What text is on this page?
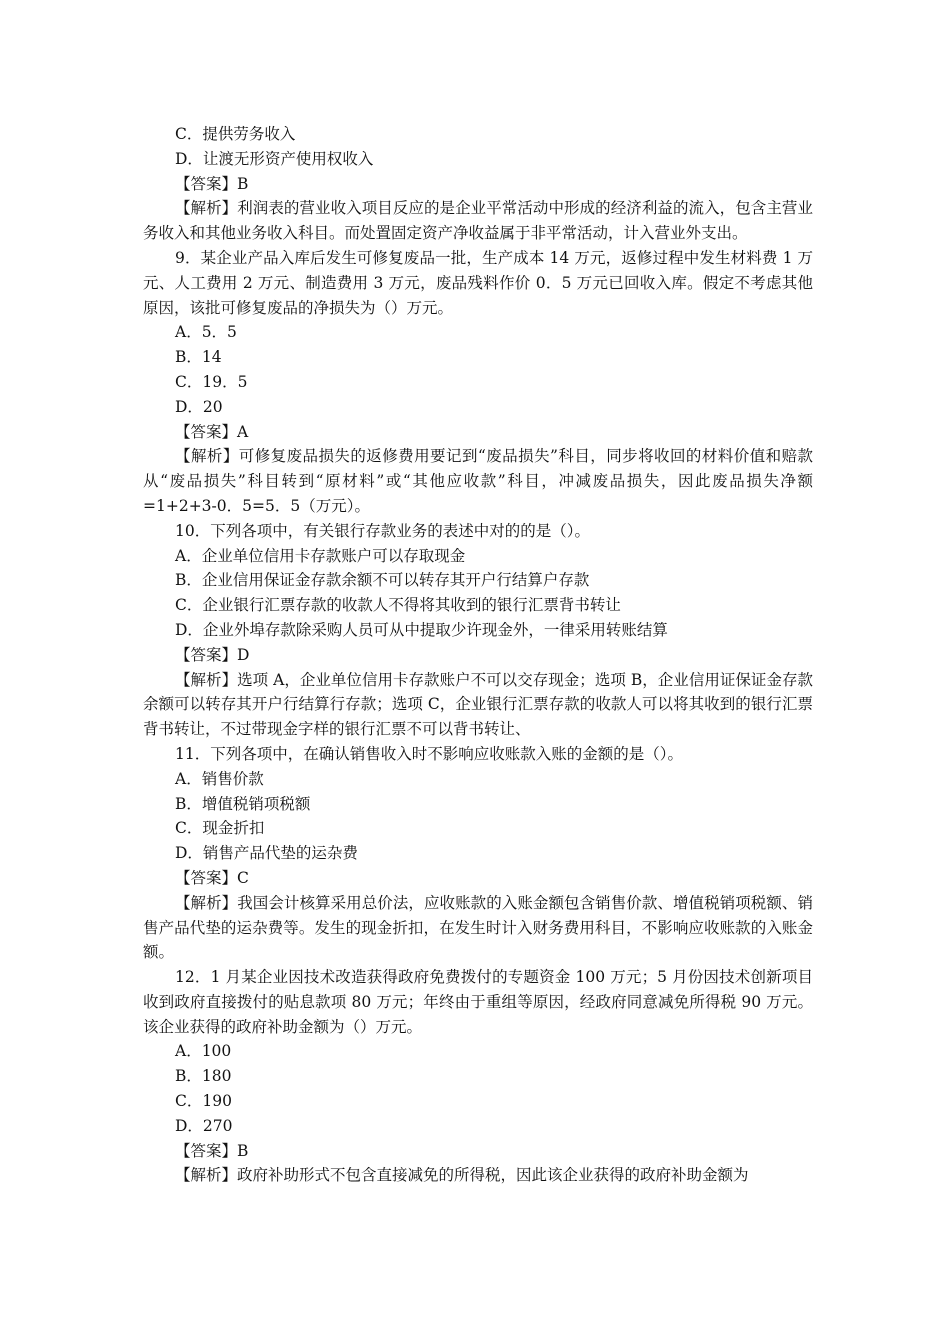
C．提供劳务收入

D．让渡无形资产使用权收入

【答案】B

【解析】利润表的营业收入项目反应的是企业平常活动中形成的经济利益的流入，包含主营业务收入和其他业务收入科目。而处置固定资产净收益属于非平常活动，计入营业外支出。

9．某企业产品入库后发生可修复废品一批，生产成本 14 万元，返修过程中发生材料费 1 万元、人工费用 2 万元、制造费用 3 万元，废品残料作价 0．5 万元已回收入库。假定不考虑其他原因，该批可修复废品的净损失为（）万元。

A．5．5

B．14

C．19．5

D．20

【答案】A

【解析】可修复废品损失的返修费用要记到“废品损失”科目，同步将收回的材料价值和赔款从“废品损失”科目转到“原材料”或“其他应收款”科目，冲减废品损失，因此废品损失净额=1+2+3-0．5=5．5（万元）。

10．下列各项中，有关银行存款业务的表述中对的的是（）。

A．企业单位信用卡存款账户可以存取现金

B．企业信用保证金存款余额不可以转存其开户行结算户存款

C．企业银行汇票存款的收款人不得将其收到的银行汇票背书转让

D．企业外埠存款除采购人员可从中提取少许现金外，一律采用转账结算

【答案】D

【解析】选项 A，企业单位信用卡存款账户不可以交存现金；选项 B，企业信用证保证金存款余额可以转存其开户行结算行存款；选项 C，企业银行汇票存款的收款人可以将其收到的银行汇票背书转让，不过带现金字样的银行汇票不可以背书转让、

11．下列各项中，在确认销售收入时不影响应收账款入账的金额的是（）。

A．销售价款

B．增值税销项税额

C．现金折扣

D．销售产品代垫的运杂费

【答案】C

【解析】我国会计核算采用总价法，应收账款的入账金额包含销售价款、增值税销项税额、销售产品代垫的运杂费等。发生的现金折扣，在发生时计入财务费用科目，不影响应收账款的入账金额。

12．1 月某企业因技术改造获得政府免费拨付的专题资金 100 万元；5 月份因技术创新项目收到政府直接拨付的贴息款项 80 万元；年终由于重组等原因，经政府同意减免所得税 90 万元。该企业获得的政府补助金额为（）万元。

A．100

B．180

C．190

D．270

【答案】B

【解析】政府补助形式不包含直接减免的所得税，因此该企业获得的政府补助金额为
